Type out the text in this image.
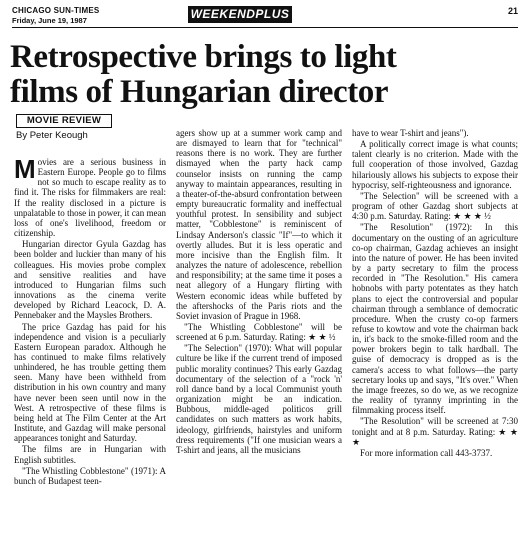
CHICAGO SUN-TIMES
Friday, June 19, 1987	WEEKENDPLUS	21
Retrospective brings to light
films of Hungarian director
MOVIE REVIEW
By Peter Keough

Movies are a serious business in Eastern Europe. People go to films not so much to escape reality as to find it. The risks for filmmakers are real: If the reality disclosed in a picture is unpalatable to those in power, it can mean loss of one's livelihood, freedom or citizenship.

Hungarian director Gyula Gazdag has been bolder and luckier than many of his colleagues. His movies probe complex and sensitive realities and have introduced to Hungarian films such innovations as the cinema verite developed by Richard Leacock, D. A. Pennebaker and the Maysles Brothers.

The price Gazdag has paid for his independence and vision is a peculiarly Eastern European paradox. Although he has continued to make films relatively unhindered, he has trouble getting them seen. Many have been withheld from distribution in his own country and many have never been seen until now in the West. A retrospective of these films is being held at The Film Center at the Art Institute, and Gazdag will make personal appearances tonight and Saturday.

The films are in Hungarian with English subtitles.

"The Whistling Cobblestone" (1971): A bunch of Budapest teen-

agers show up at a summer work camp and are dismayed to learn that for "technical" reasons there is no work. They are further dismayed when the party hack camp counselor insists on running the camp anyway to maintain appearances, resulting in a theater-of-the-absurd confrontation between empty bureaucratic formality and ineffectual youthful protest. In sensibility and subject matter, "Cobblestone" is reminiscent of Lindsay Anderson's classic "If"—to which it overtly alludes. But it is less operatic and more incisive than the English film. It analyzes the nature of adolescence, rebellion and responsibility; at the same time it poses a neat allegory of a Hungary flirting with Western economic ideas while buffeted by the aftershocks of the Paris riots and the Soviet invasion of Prague in 1968.

"The Whistling Cobblestone" will be screened at 6 p.m. Saturday. Rating: ★ ★ ½

"The Selection" (1970): What will popular culture be like if the current trend of imposed public morality continues? This early Gazdag documentary of the selection of a "rock 'n' roll dance band by a local Communist youth organization might be an indication. Bubbous, middle-aged politicos grill candidates on such matters as work habits, ideology, girlfriends, hairstyles and uniform dress requirements ("If one musician wears a T-shirt and jeans, all the musicians

have to wear T-shirt and jeans").

A politically correct image is what counts; talent clearly is no criterion. Made with the full cooperation of those involved, Gazdag hilariously allows his subjects to expose their hypocrisy, self-righteousness and ignorance.

"The Selection" will be screened with a program of other Gazdag short subjects at 4:30 p.m. Saturday. Rating: ★ ★ ★ ½

"The Resolution" (1972): In this documentary on the ousting of an agriculture co-op chairman, Gazdag achieves an insight into the nature of power. He has been invited by a party secretary to film the process recorded in "The Resolution." His camera hobnobs with party potentates as they hatch plans to eject the controversial and popular chairman through a semblance of democratic procedure. When the crusty co-op farmers refuse to kowtow and vote the chairman back in, it's back to the smoke-filled room and the power brokers begin to talk hardball. The guise of democracy is dropped as is the camera's access to what follows—the party secretary looks up and says, "It's over." When the image freezes, so do we, as we recognize the reality of tyranny imprinting in the filmmaking process itself.

"The Resolution" will be screened at 7:30 tonight and at 8 p.m. Saturday. Rating: ★ ★ ★

For more information call 443-3737.
